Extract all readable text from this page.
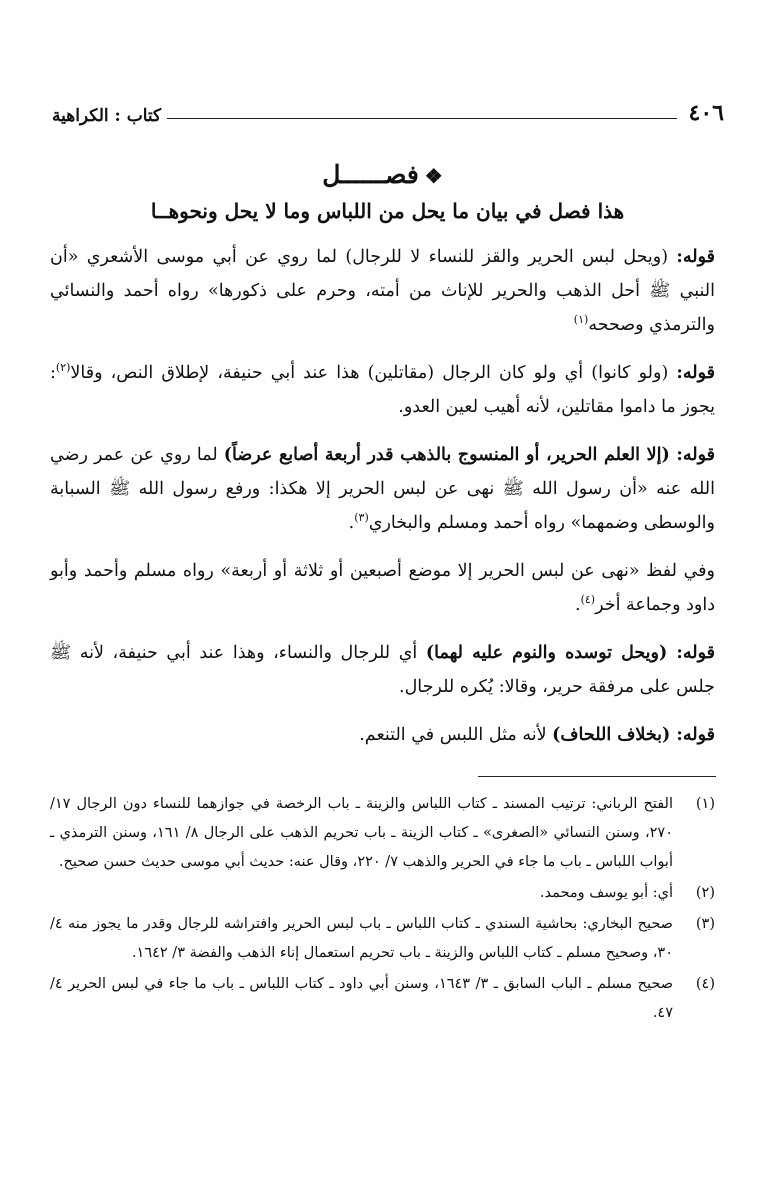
٤٠٦
كتاب : الكراهية
❖فصــــــل
هذا فصل في بيان ما يحل من اللباس وما لا يحل ونحوهــا

قوله: (ويحل لبس الحرير والقز للنساء لا للرجال) لما روي عن أبي موسى الأشعري «أن النبي ﷺ أحل الذهب والحرير للإناث من أمته، وحرم على ذكورها» رواه أحمد والنسائي والترمذي وصححه$^{(١)}$

قوله: (ولو كانوا) أي ولو كان الرجال (مقاتلين) هذا عند أبي حنيفة، لإطلاق النص، وقالا$^{(٢)}$: يجوز ما داموا مقاتلين، لأنه أهيب لعين العدو.

قوله: (إلا العلم الحرير، أو المنسوج بالذهب قدر أربعة أصابع عرضاً) لما روي عن عمر رضي الله عنه «أن رسول الله ﷺ نهى عن لبس الحرير إلا هكذا: ورفع رسول الله ﷺ السبابة والوسطى وضمهما» رواه أحمد ومسلم والبخاري$^{(٣)}$.

وفي لفظ «نهى عن لبس الحرير إلا موضع أصبعين أو ثلاثة أو أربعة» رواه مسلم وأحمد وأبو داود وجماعة أخر$^{(٤)}$.

قوله: (ويحل توسده والنوم عليه لهما) أي للرجال والنساء، وهذا عند أبي حنيفة، لأنه ﷺ جلس على مرفقة حرير، وقالا: يُكره للرجال.

قوله: (بخلاف اللحاف) لأنه مثل اللبس في التنعم.

(١)
الفتح الرباني: ترتيب المسند ـ كتاب اللباس والزينة ـ باب الرخصة في جوازهما للنساء دون الرجال ١٧/ ٢٧٠، وسنن النسائي «الصغرى» ـ كتاب الزينة ـ باب تحريم الذهب على الرجال ٨/ ١٦١، وسنن الترمذي ـ أبواب اللباس ـ باب ما جاء في الحرير والذهب ٧/ ٢٢٠، وقال عنه: حديث أبي موسى حديث حسن صحيح.
(٢)
أي: أبو يوسف ومحمد.
(٣)
صحيح البخاري: بحاشية السندي ـ كتاب اللباس ـ باب لبس الحرير وافتراشه للرجال وقدر ما يجوز منه ٤/ ٣٠، وصحيح مسلم ـ كتاب اللباس والزينة ـ باب تحريم استعمال إناء الذهب والفضة ٣/ ١٦٤٢.
(٤)
صحيح مسلم ـ الباب السابق ـ ٣/ ١٦٤٣، وسنن أبي داود ـ كتاب اللباس ـ باب ما جاء في لبس الحرير ٤/ ٤٧.
